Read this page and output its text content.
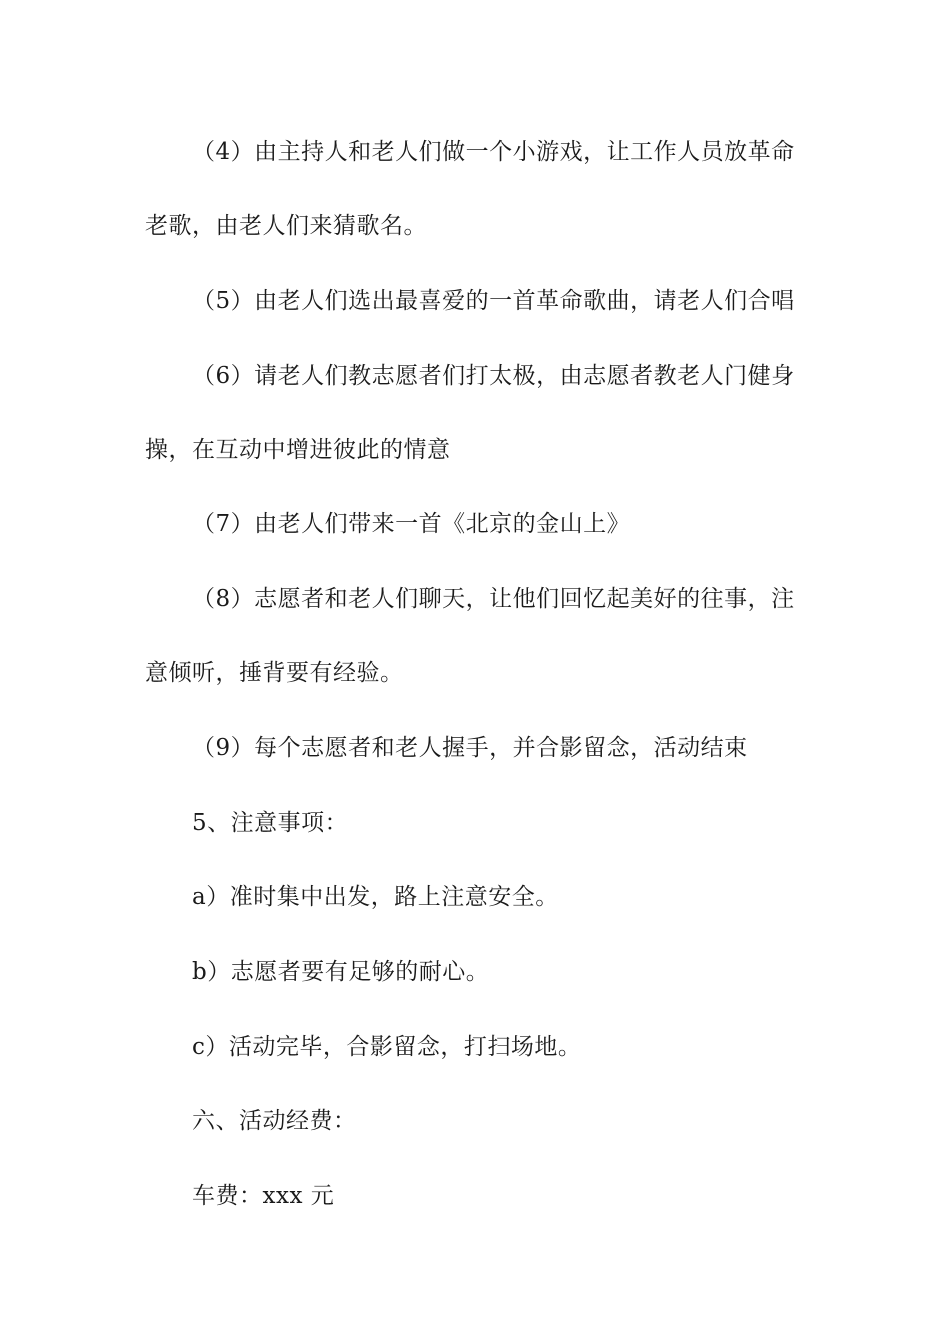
（4）由主持人和老人们做一个小游戏，让工作人员放革命
老歌，由老人们来猜歌名。
（5）由老人们选出最喜爱的一首革命歌曲，请老人们合唱
（6）请老人们教志愿者们打太极，由志愿者教老人门健身
操，在互动中增进彼此的情意
（7）由老人们带来一首《北京的金山上》
（8）志愿者和老人们聊天，让他们回忆起美好的往事，注
意倾听，捶背要有经验。
（9）每个志愿者和老人握手，并合影留念，活动结束
5、注意事项：
a）准时集中出发，路上注意安全。
b）志愿者要有足够的耐心。
c）活动完毕，合影留念，打扫场地。
六、活动经费：
车费：xxx 元
